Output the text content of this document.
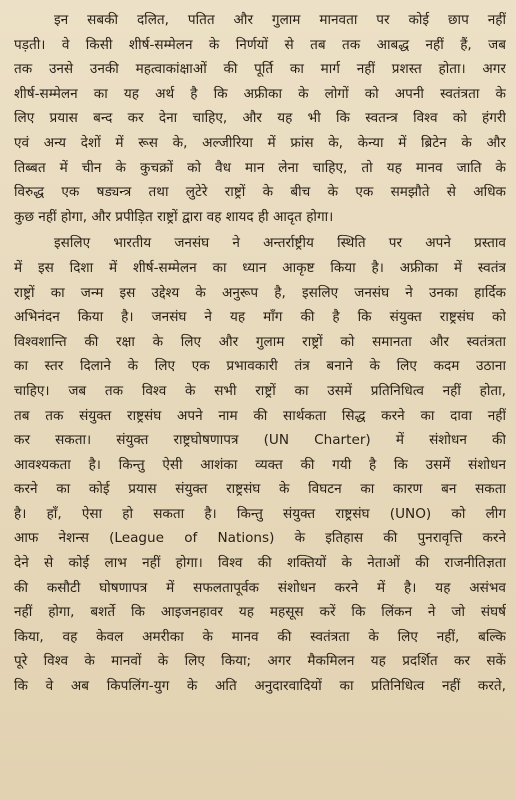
इन सबकी दलित, पतित और गुलाम मानवता पर कोई छाप नहीं
पड़ती। वे किसी शीर्ष-सम्मेलन के निर्णयों से तब तक आबद्ध नहीं हैं, जब
तक उनसे उनकी महत्वाकांक्षाओं की पूर्ति का मार्ग नहीं प्रशस्त होता। अगर
शीर्ष-सम्मेलन का यह अर्थ है कि अफ्रीका के लोगों को अपनी स्वतंत्रता के
लिए प्रयास बन्द कर देना चाहिए, और यह भी कि स्वतन्त्र विश्व को हंगरी
एवं अन्य देशों में रूस के, अल्जीरिया में फ्रांस के, केन्या में ब्रिटेन के और
तिब्बत में चीन के कुचक्रों को वैध मान लेना चाहिए, तो यह मानव जाति के
विरुद्ध एक षड्यन्त्र तथा लुटेरे राष्ट्रों के बीच के एक समझौते से अधिक
कुछ नहीं होगा, और प्रपीड़ित राष्ट्रों द्वारा वह शायद ही आदृत होगा।

इसलिए भारतीय जनसंघ ने अन्तर्राष्ट्रीय स्थिति पर अपने प्रस्ताव
में इस दिशा में शीर्ष-सम्मेलन का ध्यान आकृष्ट किया है। अफ्रीका में स्वतंत्र
राष्ट्रों का जन्म इस उद्देश्य के अनुरूप है, इसलिए जनसंघ ने उनका हार्दिक
अभिनंदन किया है। जनसंघ ने यह माँग की है कि संयुक्त राष्ट्रसंघ को
विश्वशान्ति की रक्षा के लिए और गुलाम राष्ट्रों को समानता और स्वतंत्रता
का स्तर दिलाने के लिए एक प्रभावकारी तंत्र बनाने के लिए कदम उठाना
चाहिए। जब तक विश्व के सभी राष्ट्रों का उसमें प्रतिनिधित्व नहीं होता,
तब तक संयुक्त राष्ट्रसंघ अपने नाम की सार्थकता सिद्ध करने का दावा नहीं
कर सकता। संयुक्त राष्ट्रघोषणापत्र (UN Charter) में संशोधन की
आवश्यकता है। किन्तु ऐसी आशंका व्यक्त की गयी है कि उसमें संशोधन
करने का कोई प्रयास संयुक्त राष्ट्रसंघ के विघटन का कारण बन सकता
है। हाँ, ऐसा हो सकता है। किन्तु संयुक्त राष्ट्रसंघ (UNO) को लीग
आफ नेशन्स (League of Nations) के इतिहास की पुनरावृत्ति करने
देने से कोई लाभ नहीं होगा। विश्व की शक्तियों के नेताओं की राजनीतिज्ञता
की कसौटी घोषणापत्र में सफलतापूर्वक संशोधन करने में है। यह असंभव
नहीं होगा, बशर्ते कि आइजनहावर यह महसूस करें कि लिंकन ने जो संघर्ष
किया, वह केवल अमरीका के मानव की स्वतंत्रता के लिए नहीं, बल्कि
पूरे विश्व के मानवों के लिए किया; अगर मैकमिलन यह प्रदर्शित कर सकें
कि वे अब किपलिंग-युग के अति अनुदारवादियों का प्रतिनिधित्व नहीं करते,
